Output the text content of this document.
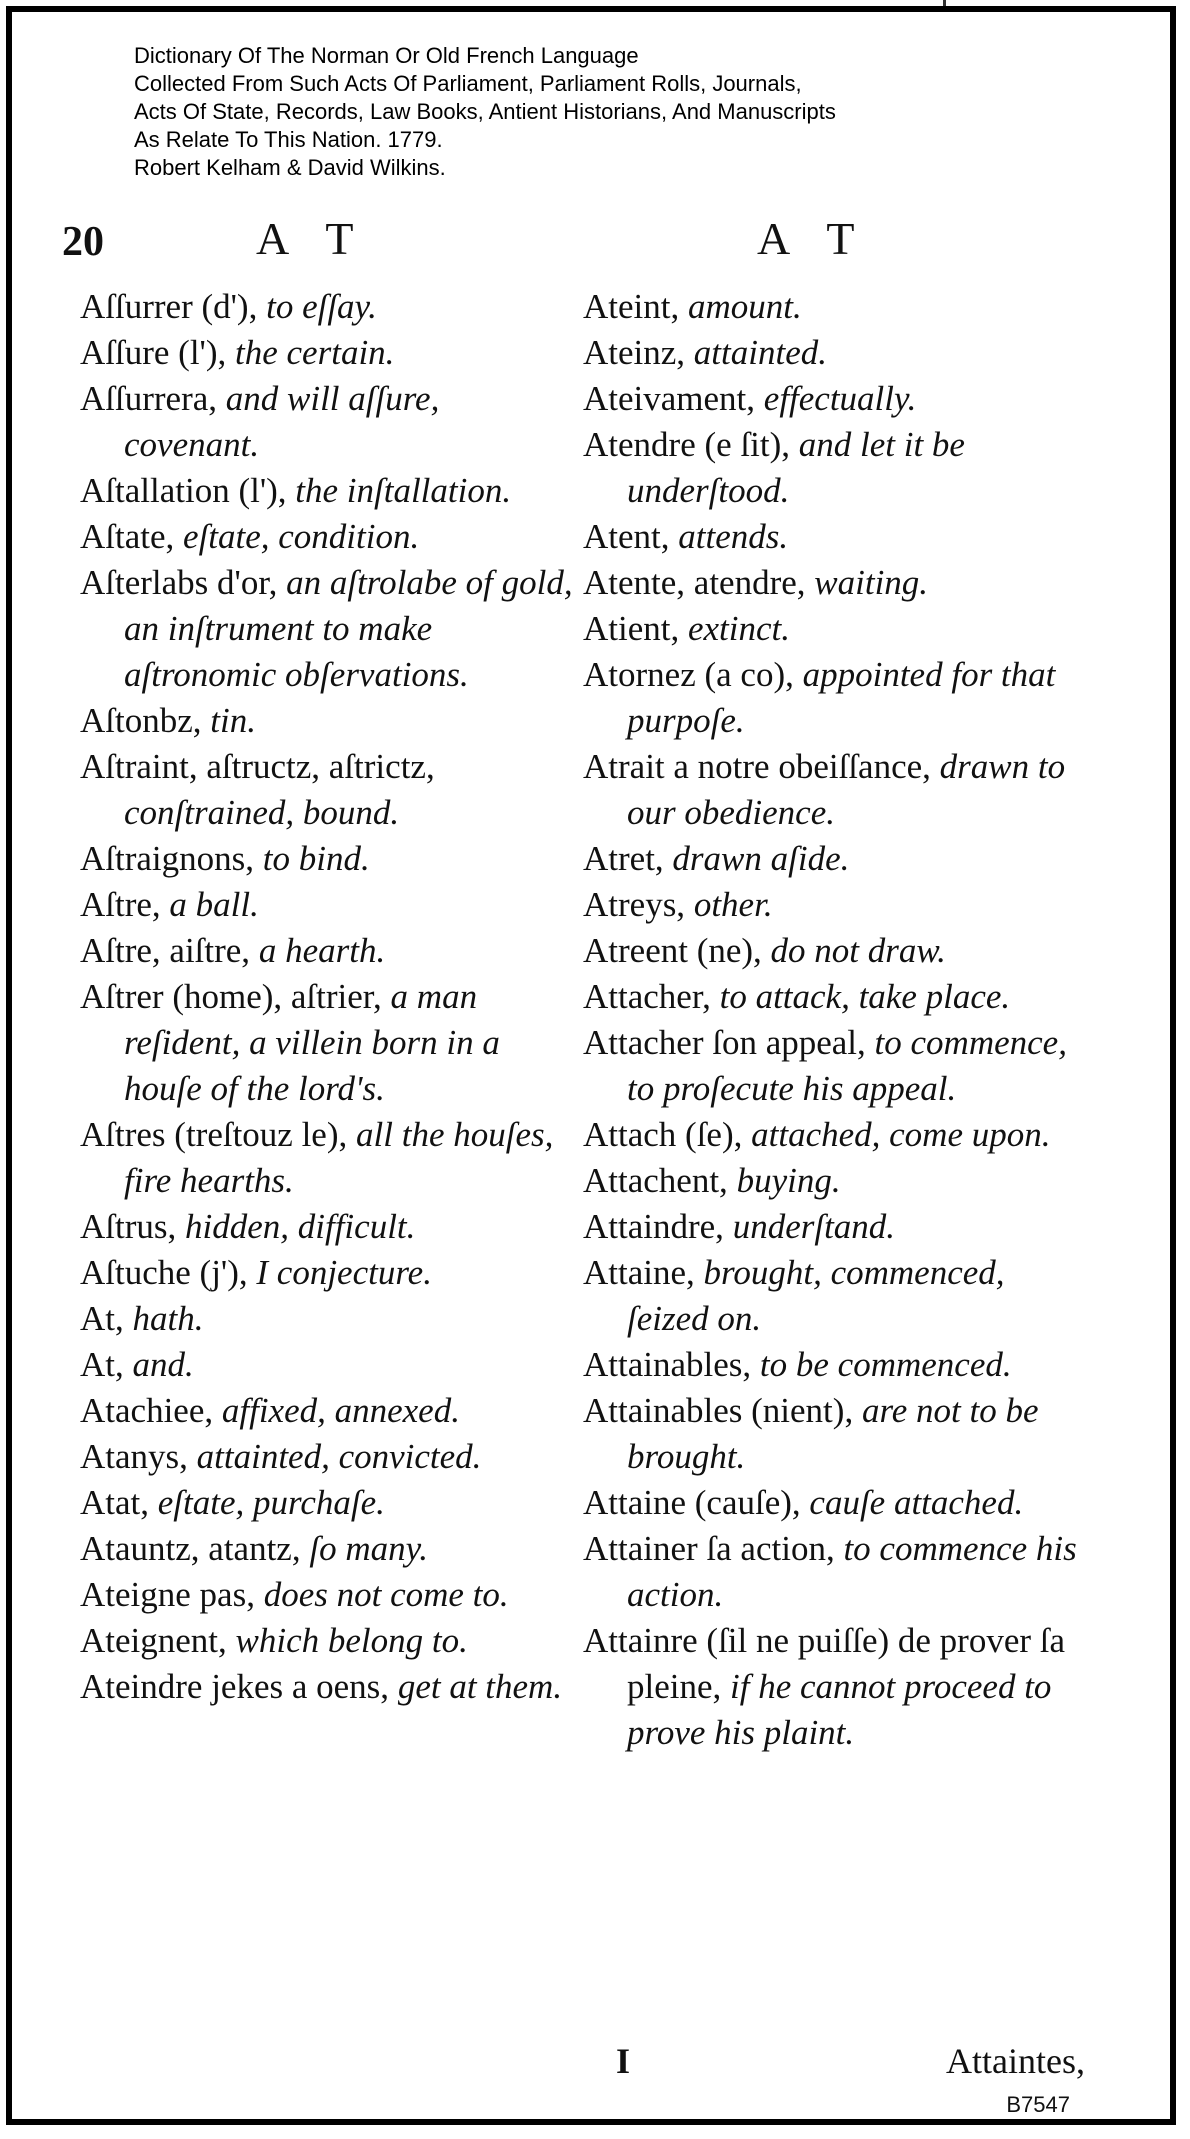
Dictionary Of The Norman Or Old French Language
Collected From Such Acts Of Parliament, Parliament Rolls, Journals,
Acts Of State, Records, Law Books, Antient Historians, And Manuscripts
As Relate To This Nation. 1779.
Robert Kelham & David Wilkins.
20	A T	A T
Aſſurrer (d'), to eſſay.
Aſſure (l'), the certain.
Aſſurrera, and will aſſure, covenant.
Aſtallation (l'), the inſtallation.
Aſtate, eſtate, condition.
Aſterlabs d'or, an aſtrolabe of gold, an inſtrument to make aſtronomic obſervations.
Aſtonbz, tin.
Aſtraint, aſtructz, aſtrictz, conſtrained, bound.
Aſtraignons, to bind.
Aſtre, a ball.
Aſtre, aiſtre, a hearth.
Aſtrer (home), aſtrier, a man reſident, a villein born in a houſe of the lord's.
Aſtres (treſtouz le), all the houſes, fire hearths.
Aſtrus, hidden, difficult.
Aſtuche (j'), I conjecture.
At, hath.
At, and.
Atachiee, affixed, annexed.
Atanys, attainted, convicted.
Atat, eſtate, purchaſe.
Atauntz, atantz, ſo many.
Ateigne pas, does not come to.
Ateignent, which belong to.
Ateindre jekes a oens, get at them.
Ateint, amount.
Ateinz, attainted.
Ateivament, effectually.
Atendre (e ſit), and let it be underſtood.
Atent, attends.
Atente, atendre, waiting.
Atient, extinct.
Atornez (a co), appointed for that purpoſe.
Atrait a notre obeiſſance, drawn to our obedience.
Atret, drawn aſide.
Atreys, other.
Atreent (ne), do not draw.
Attacher, to attack, take place.
Attacher ſon appeal, to commence, to proſecute his appeal.
Attach (ſe), attached, come upon.
Attachent, buying.
Attaindre, underſtand.
Attaine, brought, commenced, ſeized on.
Attainables, to be commenced.
Attainables (nient), are not to be brought.
Attaine (cauſe), cauſe attached.
Attainer ſa action, to commence his action.
Attainre (ſil ne puiſſe) de prover ſa pleine, if he cannot proceed to prove his plaint.
I	Attaintes,
B7547
